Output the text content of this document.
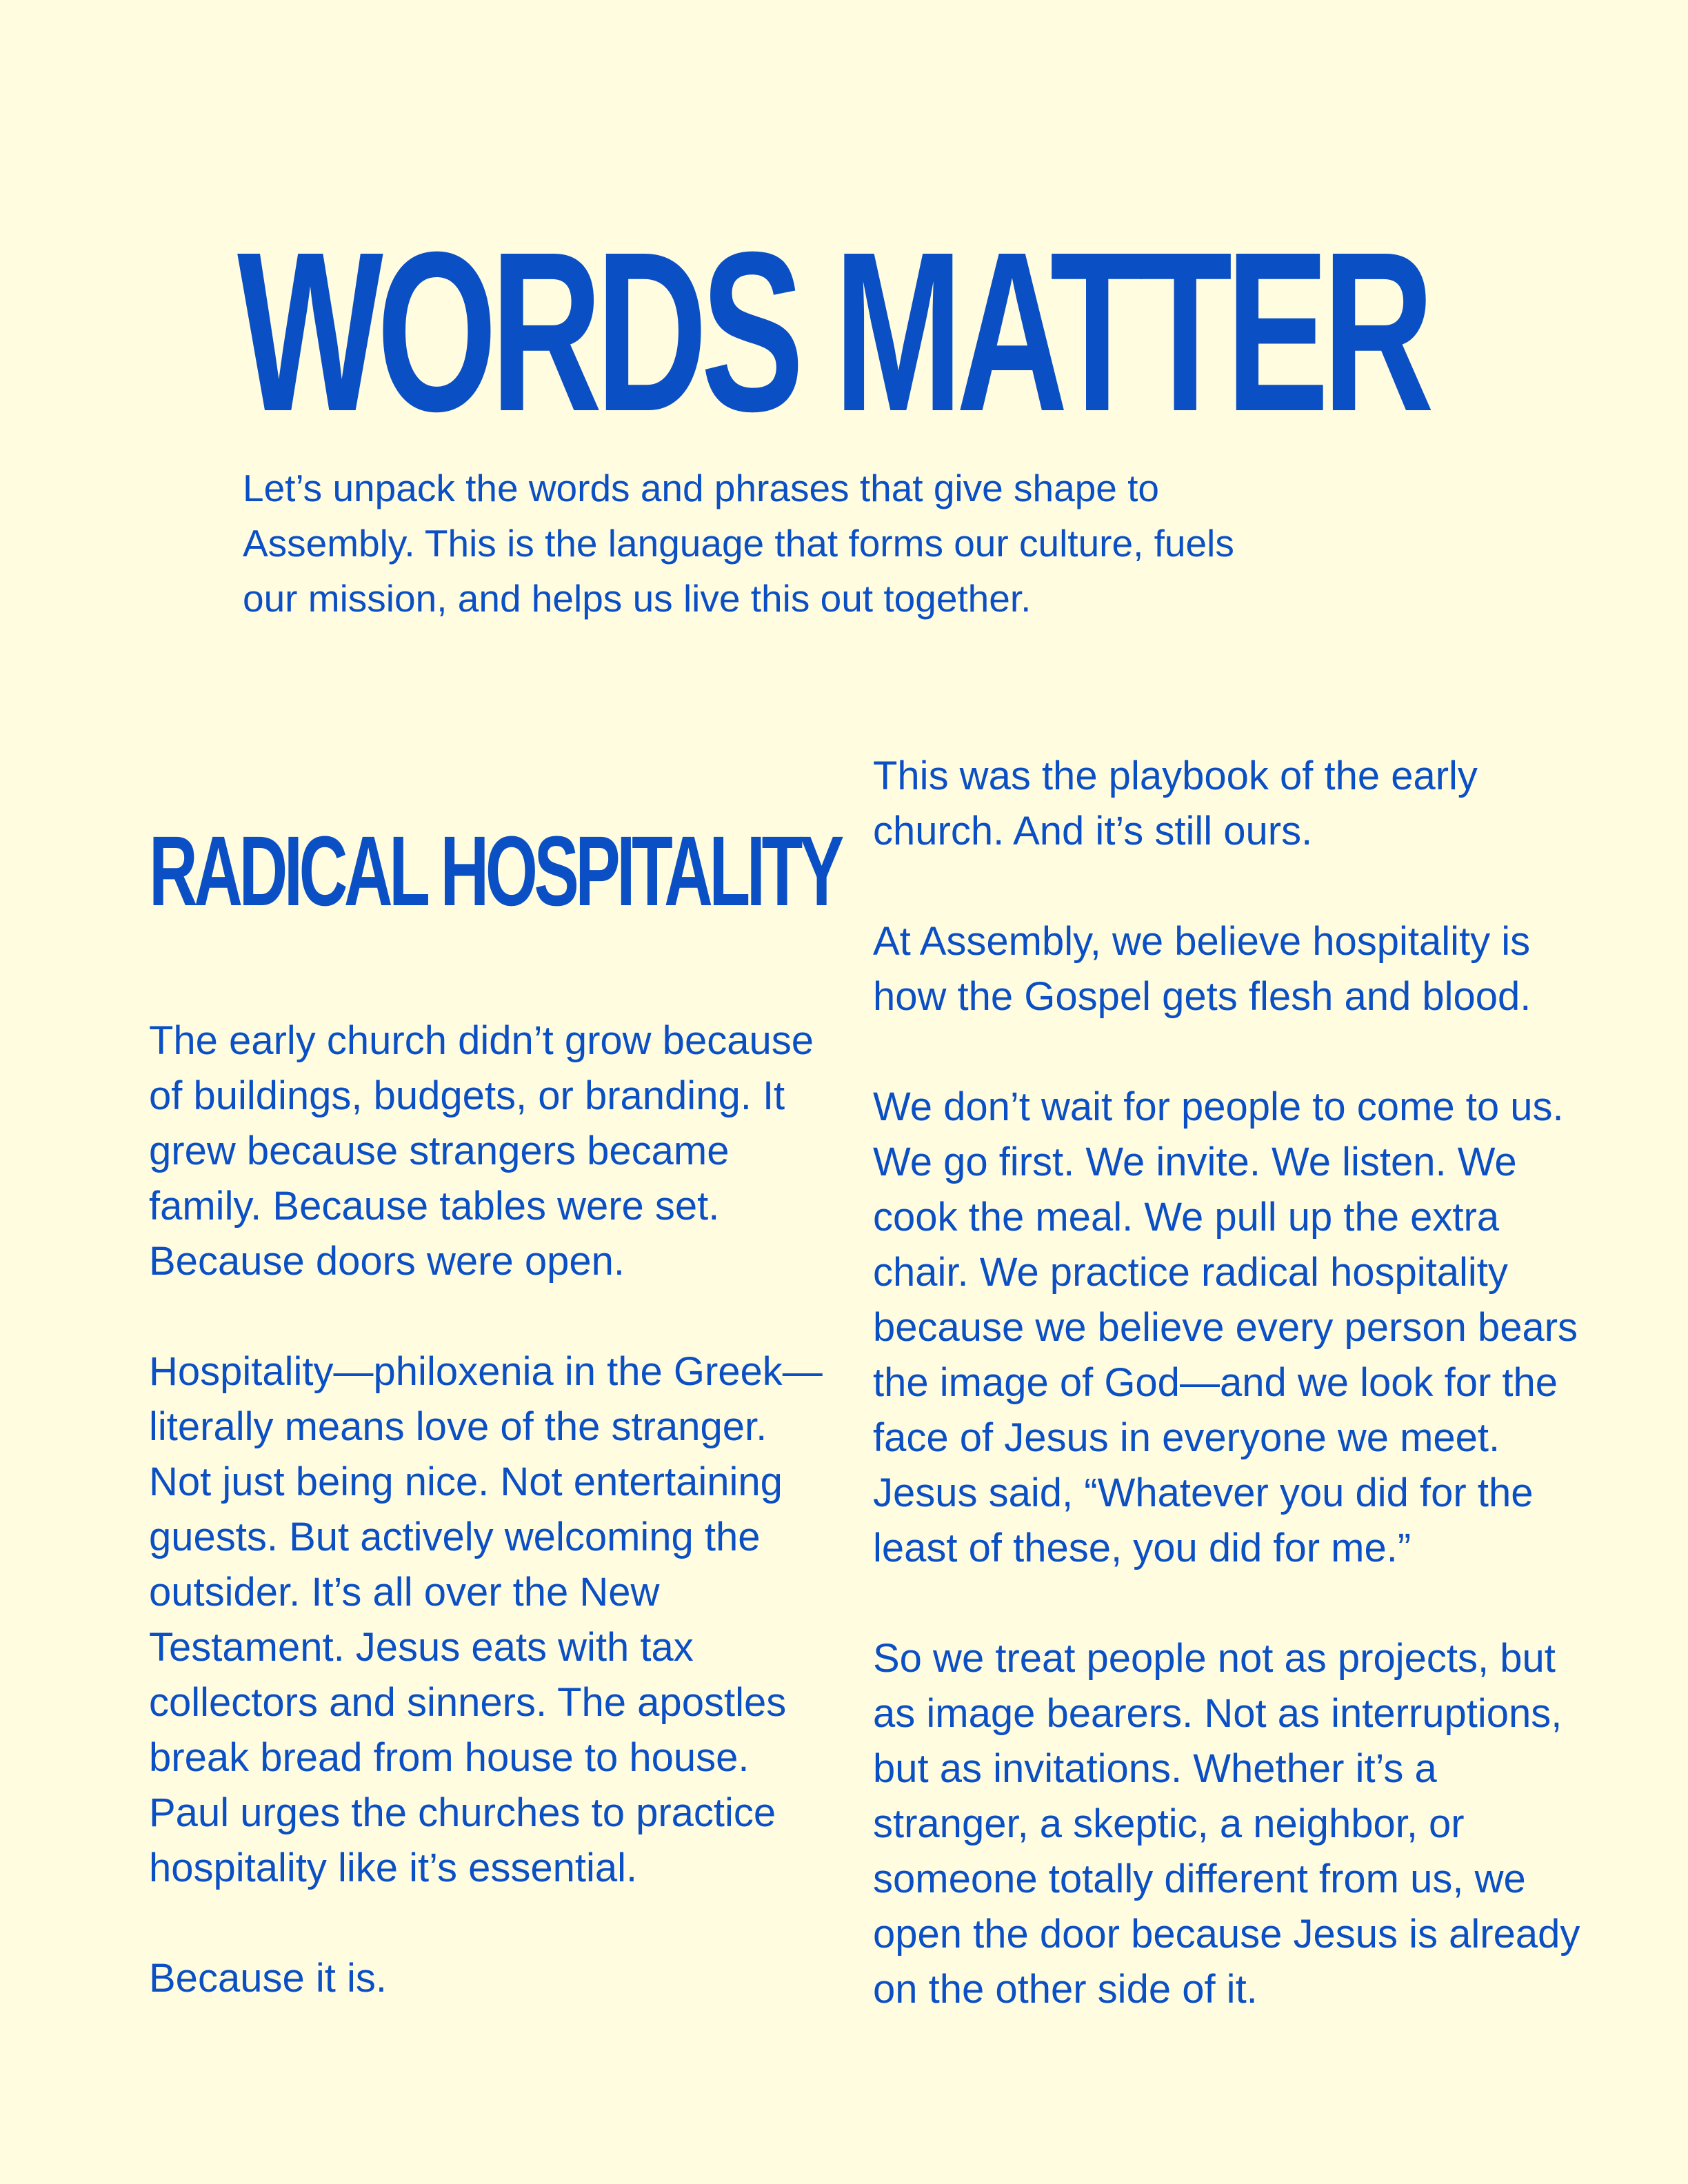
WORDS MATTER

Let’s unpack the words and phrases that give shape to Assembly. This is the language that forms our culture, fuels our mission, and helps us live this out together.

RADICAL HOSPITALITY

The early church didn’t grow because of buildings, budgets, or branding. It grew because strangers became family. Because tables were set. Because doors were open.

Hospitality—philoxenia in the Greek—literally means love of the stranger. Not just being nice. Not entertaining guests. But actively welcoming the outsider. It’s all over the New Testament. Jesus eats with tax collectors and sinners. The apostles break bread from house to house. Paul urges the churches to practice hospitality like it’s essential.

Because it is.

This was the playbook of the early church. And it’s still ours.

At Assembly, we believe hospitality is how the Gospel gets flesh and blood.

We don’t wait for people to come to us. We go first. We invite. We listen. We cook the meal. We pull up the extra chair. We practice radical hospitality because we believe every person bears the image of God—and we look for the face of Jesus in everyone we meet. Jesus said, “Whatever you did for the least of these, you did for me.”

So we treat people not as projects, but as image bearers. Not as interruptions, but as invitations. Whether it’s a stranger, a skeptic, a neighbor, or someone totally different from us, we open the door because Jesus is already on the other side of it.
